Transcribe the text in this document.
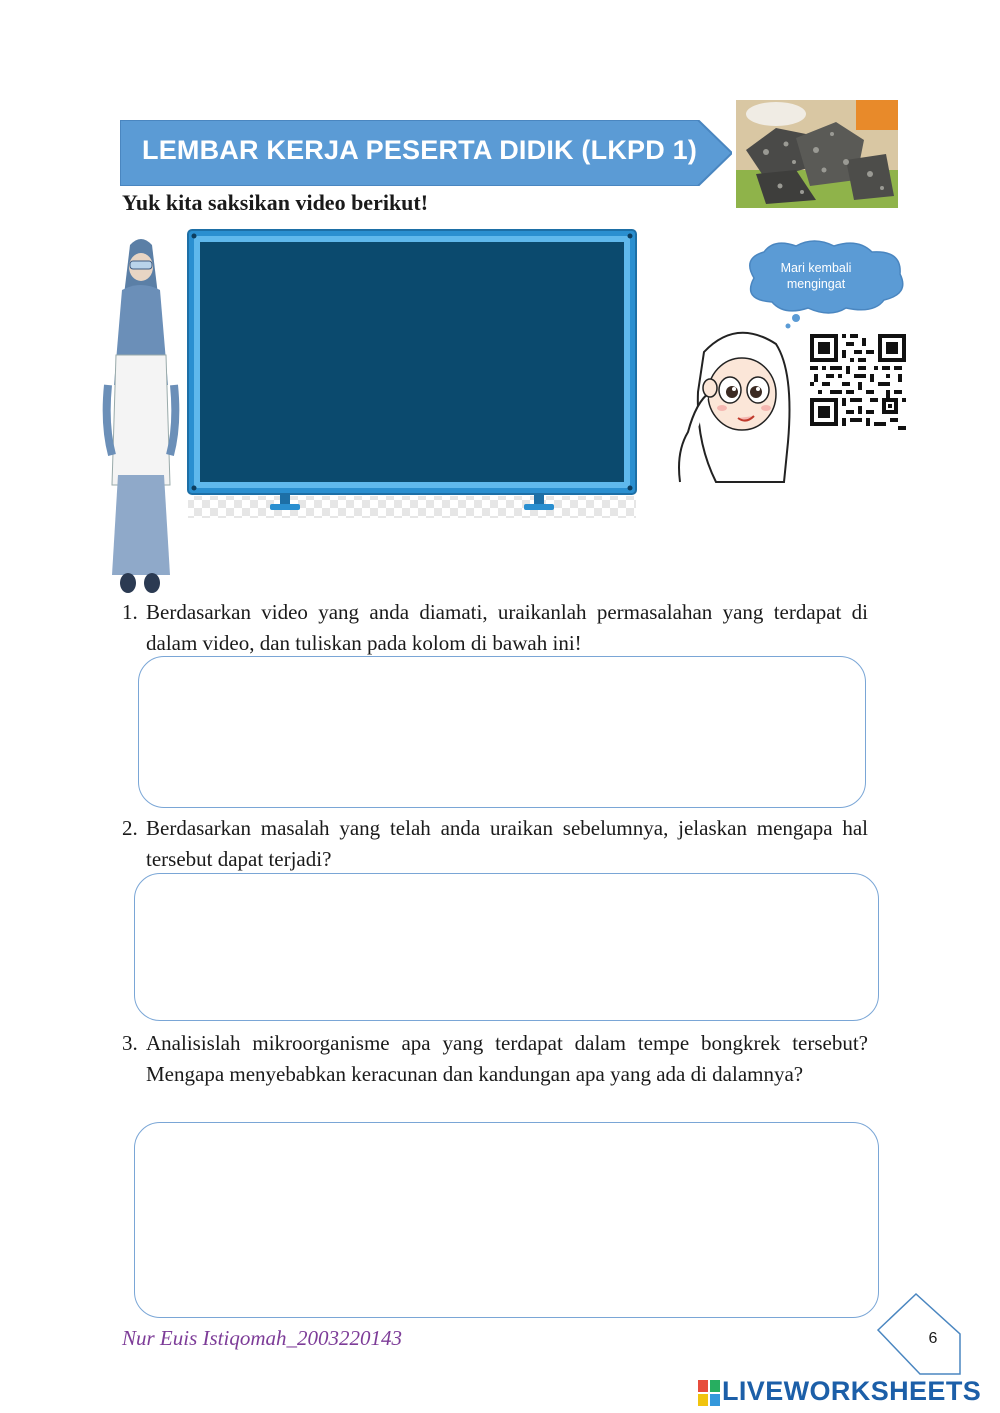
LEMBAR KERJA PESERTA DIDIK (LKPD 1)
Yuk kita saksikan video berikut!
Mari kembali mengingat
1. Berdasarkan video yang anda diamati, uraikanlah permasalahan yang terdapat di dalam video, dan tuliskan pada kolom di bawah ini!
2. Berdasarkan masalah yang telah anda uraikan sebelumnya, jelaskan mengapa hal tersebut dapat terjadi?
3. Analisislah mikroorganisme apa yang terdapat dalam tempe bongkrek tersebut? Mengapa menyebabkan keracunan dan kandungan apa yang ada di dalamnya?
Nur Euis Istiqomah_2003220143	6
LIVEWORKSHEETS
